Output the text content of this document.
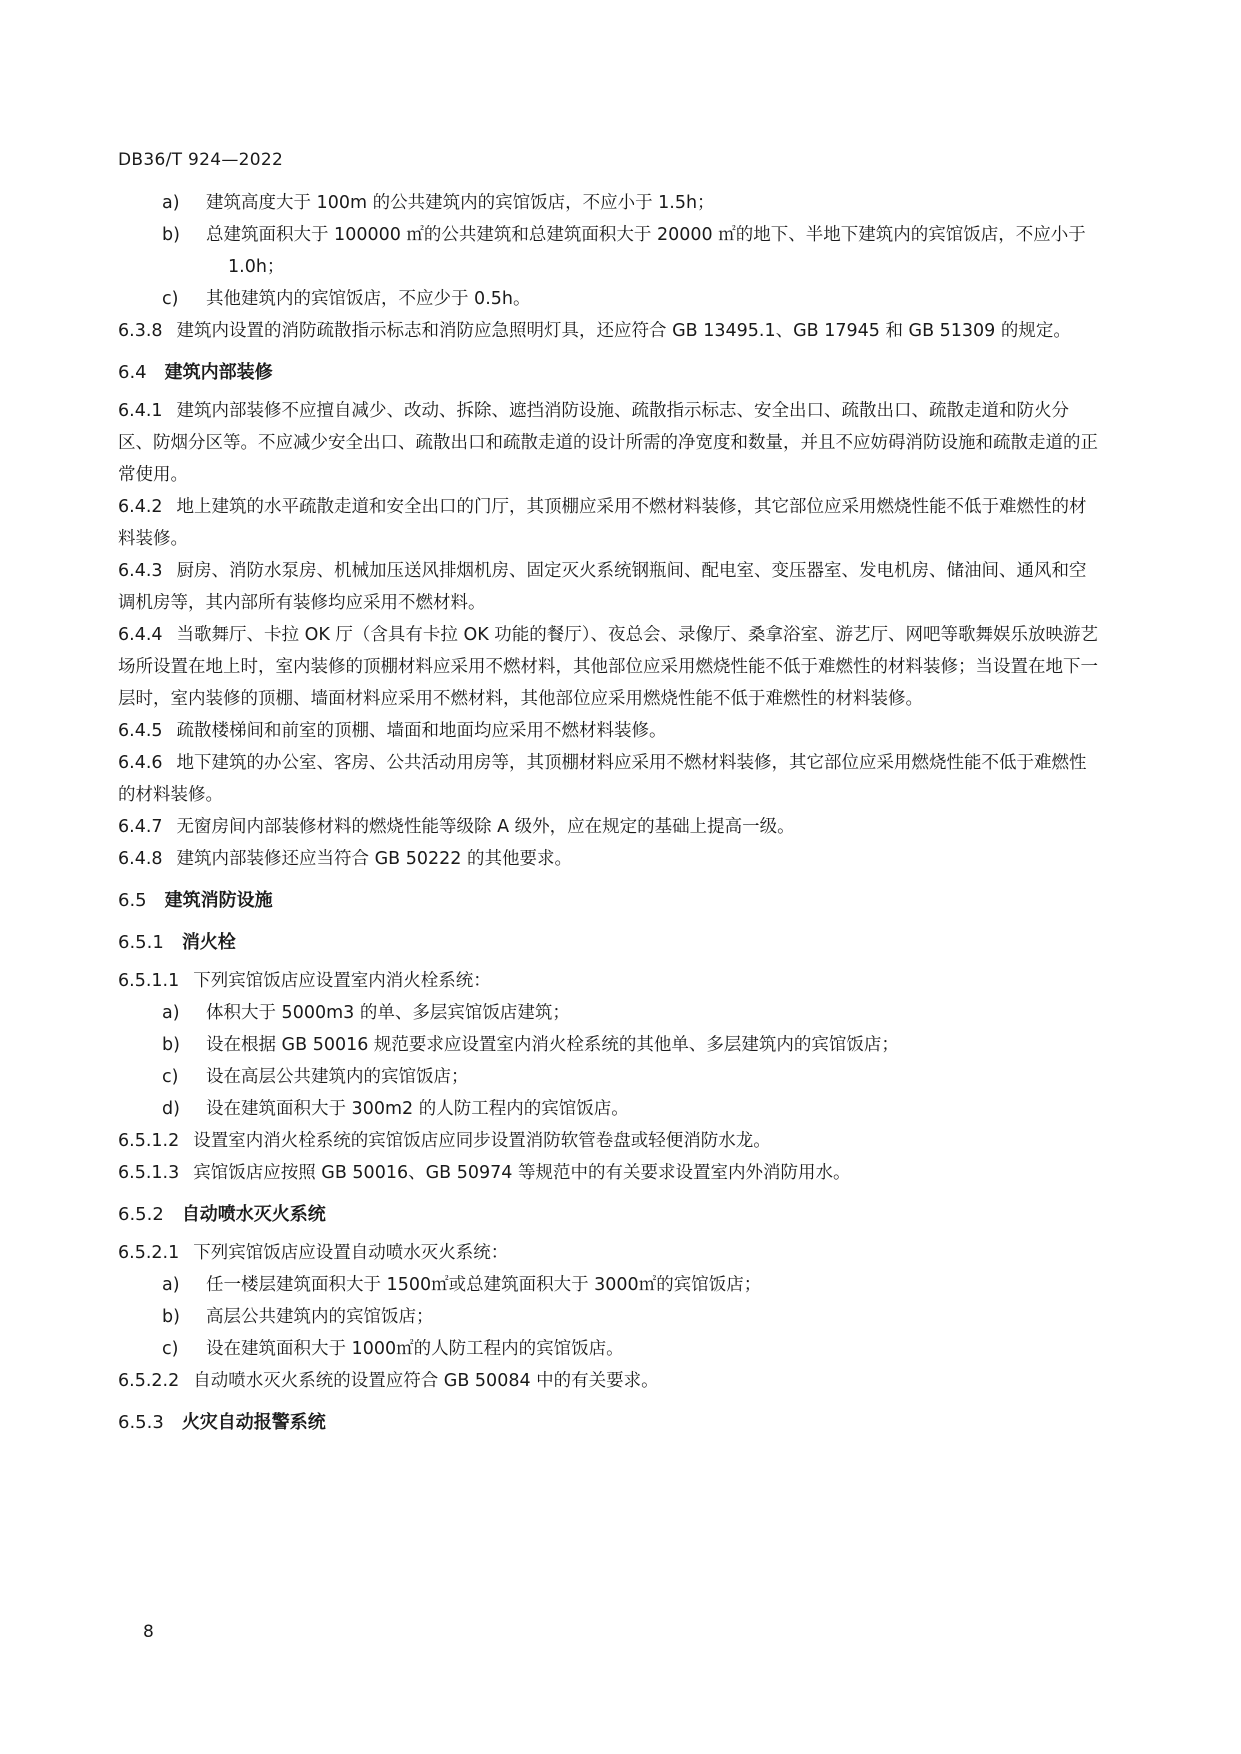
DB36/T 924—2022

a) 建筑高度大于 100m 的公共建筑内的宾馆饭店，不应小于 1.5h；

b) 总建筑面积大于 100000 ㎡的公共建筑和总建筑面积大于 20000 ㎡的地下、半地下建筑内的宾馆饭店，不应小于 1.0h；

c) 其他建筑内的宾馆饭店，不应少于 0.5h。

6.3.8 建筑内设置的消防疏散指示标志和消防应急照明灯具，还应符合 GB 13495.1、GB 17945 和 GB 51309 的规定。

6.4 建筑内部装修

6.4.1 建筑内部装修不应擅自减少、改动、拆除、遮挡消防设施、疏散指示标志、安全出口、疏散出口、疏散走道和防火分区、防烟分区等。不应减少安全出口、疏散出口和疏散走道的设计所需的净宽度和数量，并且不应妨碍消防设施和疏散走道的正常使用。

6.4.2 地上建筑的水平疏散走道和安全出口的门厅，其顶棚应采用不燃材料装修，其它部位应采用燃烧性能不低于难燃性的材料装修。

6.4.3 厨房、消防水泵房、机械加压送风排烟机房、固定灭火系统钢瓶间、配电室、变压器室、发电机房、储油间、通风和空调机房等，其内部所有装修均应采用不燃材料。

6.4.4 当歌舞厅、卡拉 OK 厅（含具有卡拉 OK 功能的餐厅）、夜总会、录像厅、桑拿浴室、游艺厅、网吧等歌舞娱乐放映游艺场所设置在地上时，室内装修的顶棚材料应采用不燃材料，其他部位应采用燃烧性能不低于难燃性的材料装修；当设置在地下一层时，室内装修的顶棚、墙面材料应采用不燃材料，其他部位应采用燃烧性能不低于难燃性的材料装修。

6.4.5 疏散楼梯间和前室的顶棚、墙面和地面均应采用不燃材料装修。

6.4.6 地下建筑的办公室、客房、公共活动用房等，其顶棚材料应采用不燃材料装修，其它部位应采用燃烧性能不低于难燃性的材料装修。

6.4.7 无窗房间内部装修材料的燃烧性能等级除 A 级外，应在规定的基础上提高一级。

6.4.8 建筑内部装修还应当符合 GB 50222 的其他要求。

6.5 建筑消防设施

6.5.1 消火栓

6.5.1.1 下列宾馆饭店应设置室内消火栓系统：

a) 体积大于 5000m3 的单、多层宾馆饭店建筑；

b) 设在根据 GB 50016 规范要求应设置室内消火栓系统的其他单、多层建筑内的宾馆饭店；

c) 设在高层公共建筑内的宾馆饭店；

d) 设在建筑面积大于 300m2 的人防工程内的宾馆饭店。

6.5.1.2 设置室内消火栓系统的宾馆饭店应同步设置消防软管卷盘或轻便消防水龙。

6.5.1.3 宾馆饭店应按照 GB 50016、GB 50974 等规范中的有关要求设置室内外消防用水。

6.5.2 自动喷水灭火系统

6.5.2.1 下列宾馆饭店应设置自动喷水灭火系统：

a) 任一楼层建筑面积大于 1500㎡或总建筑面积大于 3000㎡的宾馆饭店；

b) 高层公共建筑内的宾馆饭店；

c) 设在建筑面积大于 1000㎡的人防工程内的宾馆饭店。

6.5.2.2 自动喷水灭火系统的设置应符合 GB 50084 中的有关要求。

6.5.3 火灾自动报警系统

8
